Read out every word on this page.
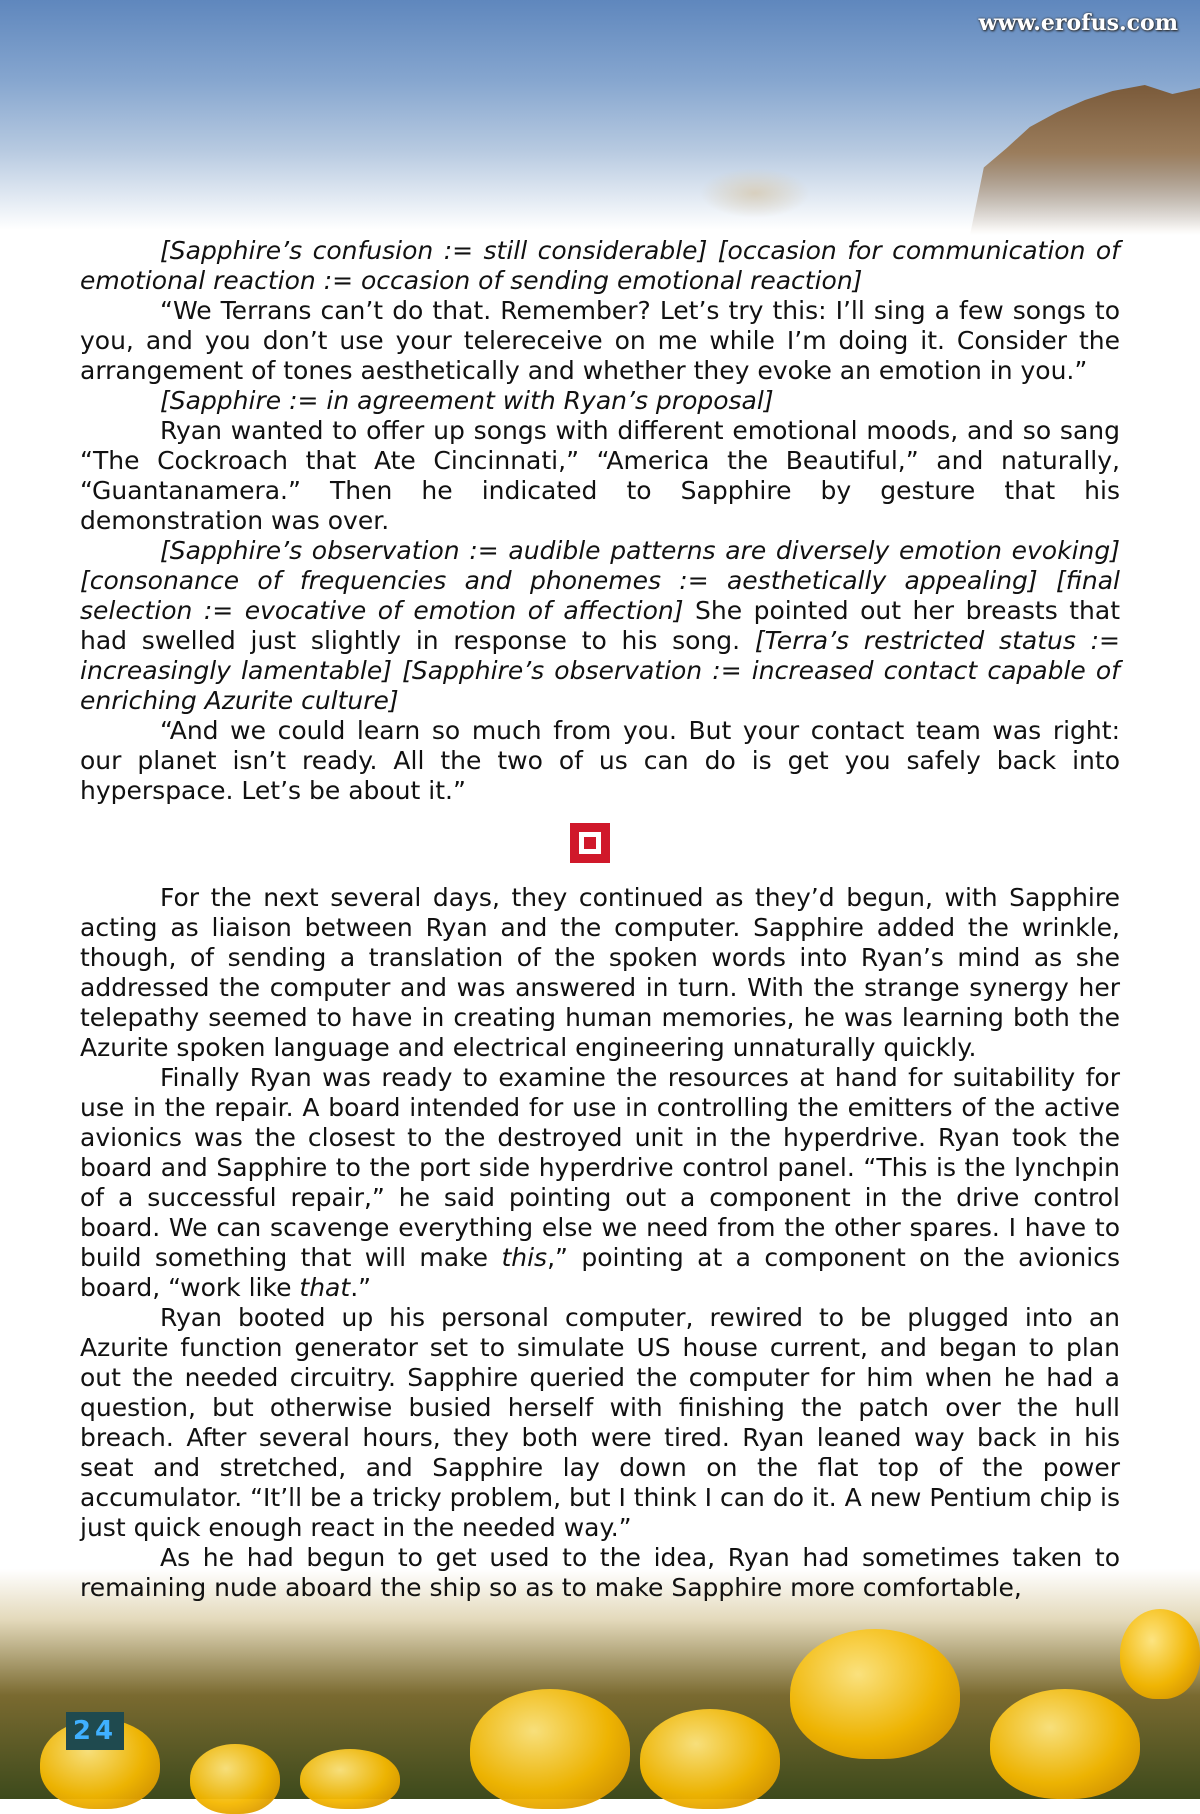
www.erofus.com
24

[Sapphire’s confusion := still considerable] [occasion for communication of emotional reaction := occasion of sending emotional reaction]

“We Terrans can’t do that. Remember? Let’s try this: I’ll sing a few songs to you, and you don’t use your telereceive on me while I’m doing it. Consider the arrangement of tones aesthetically and whether they evoke an emotion in you.”

[Sapphire := in agreement with Ryan’s proposal]

Ryan wanted to offer up songs with different emotional moods, and so sang “The Cockroach that Ate Cincinnati,” “America the Beautiful,” and naturally, “Guantanamera.” Then he indicated to Sapphire by gesture that his demonstration was over.

[Sapphire’s observation := audible patterns are diversely emotion evoking] [consonance of frequencies and phonemes := aesthetically appealing] [final selection := evocative of emotion of affection] She pointed out her breasts that had swelled just slightly in response to his song. [Terra’s restricted status := increasingly lamentable] [Sapphire’s observation := increased contact capable of enriching Azurite culture]

“And we could learn so much from you. But your contact team was right: our planet isn’t ready. All the two of us can do is get you safely back into hyperspace. Let’s be about it.”

For the next several days, they continued as they’d begun, with Sapphire acting as liaison between Ryan and the computer. Sapphire added the wrinkle, though, of sending a translation of the spoken words into Ryan’s mind as she addressed the computer and was answered in turn. With the strange synergy her telepathy seemed to have in creating human memories, he was learning both the Azurite spoken language and electrical engineering unnaturally quickly.

Finally Ryan was ready to examine the resources at hand for suitability for use in the repair. A board intended for use in controlling the emitters of the active avionics was the closest to the destroyed unit in the hyperdrive. Ryan took the board and Sapphire to the port side hyperdrive control panel. “This is the lynchpin of a successful repair,” he said pointing out a component in the drive control board. We can scavenge everything else we need from the other spares. I have to build something that will make this,” pointing at a component on the avionics board, “work like that.”

Ryan booted up his personal computer, rewired to be plugged into an Azurite function generator set to simulate US house current, and began to plan out the needed circuitry. Sapphire queried the computer for him when he had a question, but otherwise busied herself with finishing the patch over the hull breach. After several hours, they both were tired. Ryan leaned way back in his seat and stretched, and Sapphire lay down on the flat top of the power accumulator. “It’ll be a tricky problem, but I think I can do it. A new Pentium chip is just quick enough react in the needed way.”

As he had begun to get used to the idea, Ryan had sometimes taken to remaining nude aboard the ship so as to make Sapphire more comfortable,
